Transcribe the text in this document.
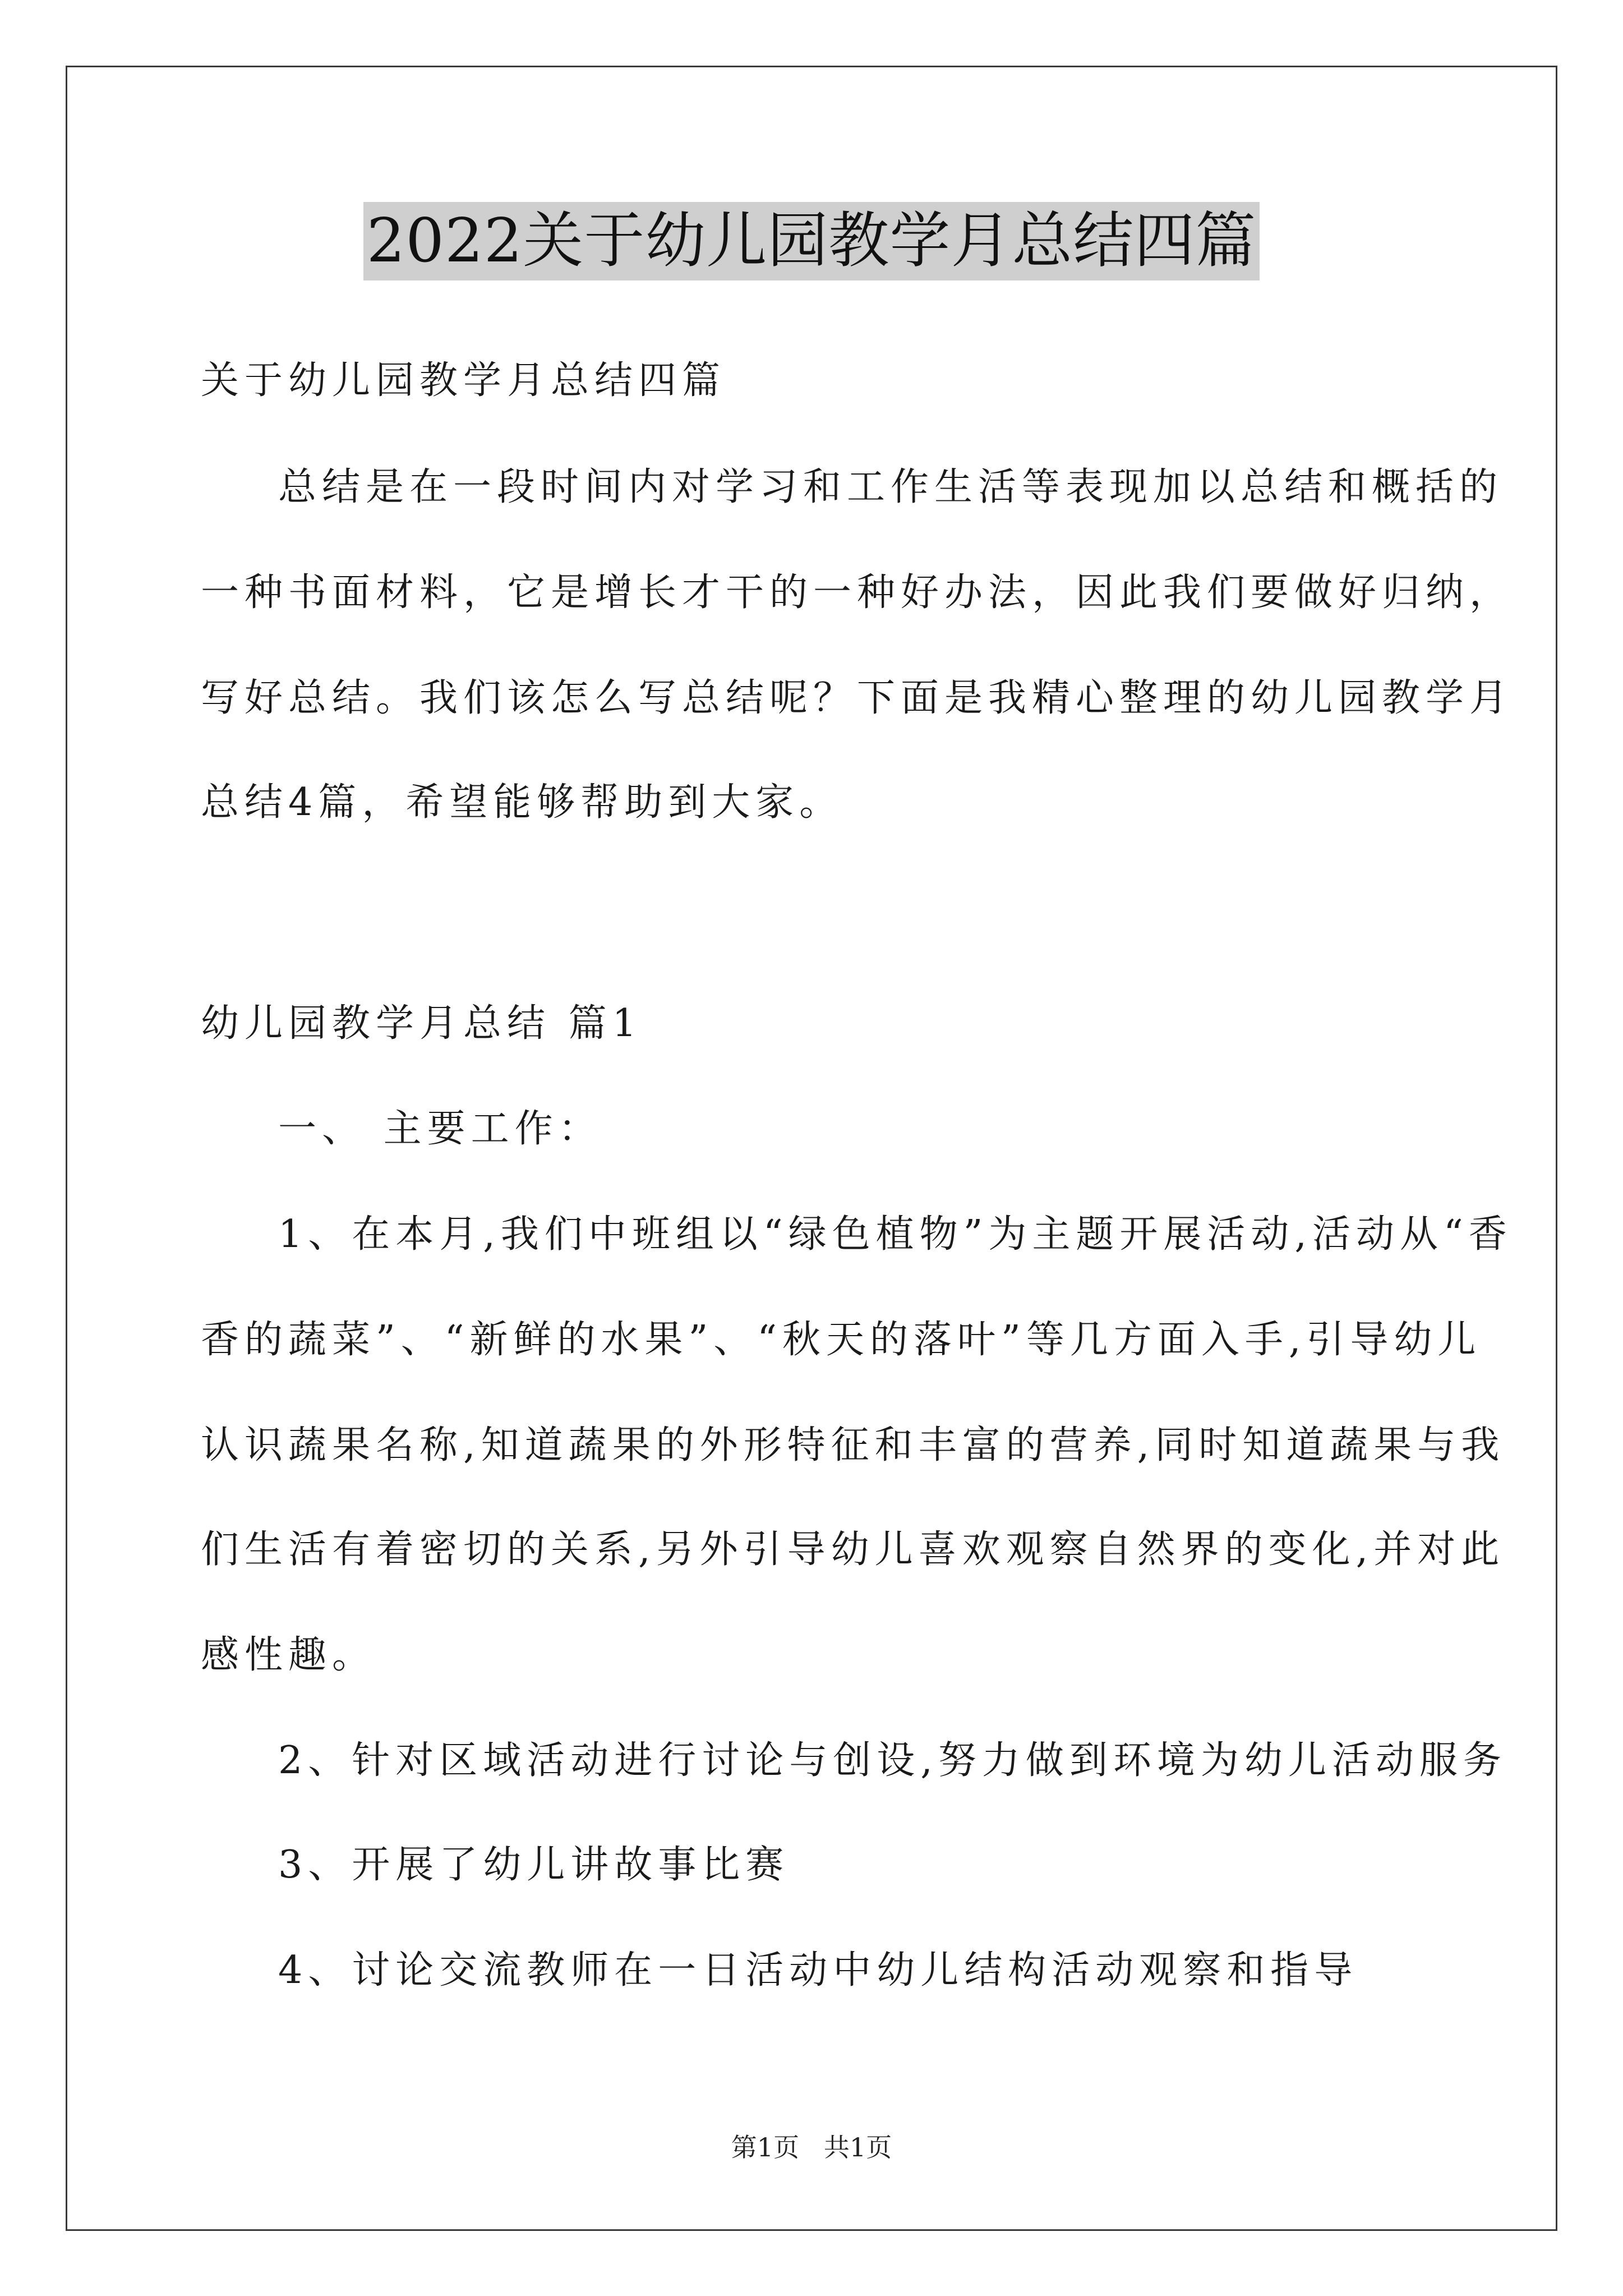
2022关于幼儿园教学月总结四篇
关于幼儿园教学月总结四篇
总结是在一段时间内对学习和工作生活等表现加以总结和概括的
一种书面材料，它是增长才干的一种好办法，因此我们要做好归纳，
写好总结。我们该怎么写总结呢？下面是我精心整理的幼儿园教学月
总结4篇，希望能够帮助到大家。
幼儿园教学月总结 篇1
一、 主要工作：
1、在本月,我们中班组以“绿色植物”为主题开展活动,活动从“香
香的蔬菜”、“新鲜的水果”、“秋天的落叶”等几方面入手,引导幼儿
认识蔬果名称,知道蔬果的外形特征和丰富的营养,同时知道蔬果与我
们生活有着密切的关系,另外引导幼儿喜欢观察自然界的变化,并对此
感性趣。
2、针对区域活动进行讨论与创设,努力做到环境为幼儿活动服务
3、开展了幼儿讲故事比赛
4、讨论交流教师在一日活动中幼儿结构活动观察和指导
第1页   共1页
